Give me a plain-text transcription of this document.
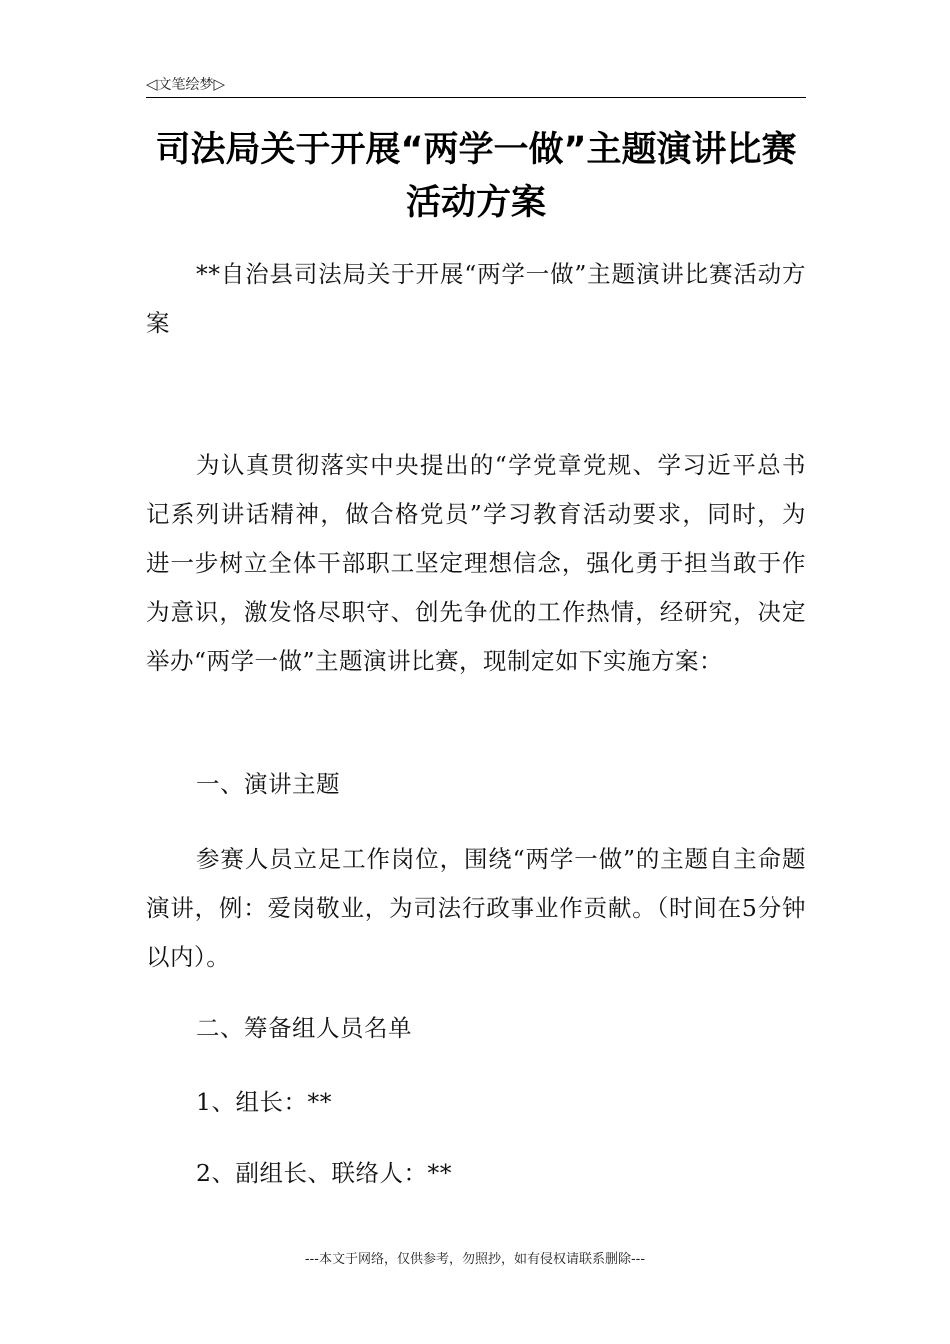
◁文笔绘梦▷
司法局关于开展“两学一做”主题演讲比赛活动方案

**自治县司法局关于开展“两学一做”主题演讲比赛活动方案

为认真贯彻落实中央提出的“学党章党规、学习近平总书记系列讲话精神，做合格党员”学习教育活动要求，同时，为进一步树立全体干部职工坚定理想信念，强化勇于担当敢于作为意识，激发恪尽职守、创先争优的工作热情，经研究，决定举办“两学一做”主题演讲比赛，现制定如下实施方案：

一、演讲主题

参赛人员立足工作岗位，围绕“两学一做”的主题自主命题演讲，例：爱岗敬业，为司法行政事业作贡献。（时间在5分钟以内）。

二、筹备组人员名单

1、组长：**

2、副组长、联络人：**

---本文于网络，仅供参考，勿照抄，如有侵权请联系删除---
